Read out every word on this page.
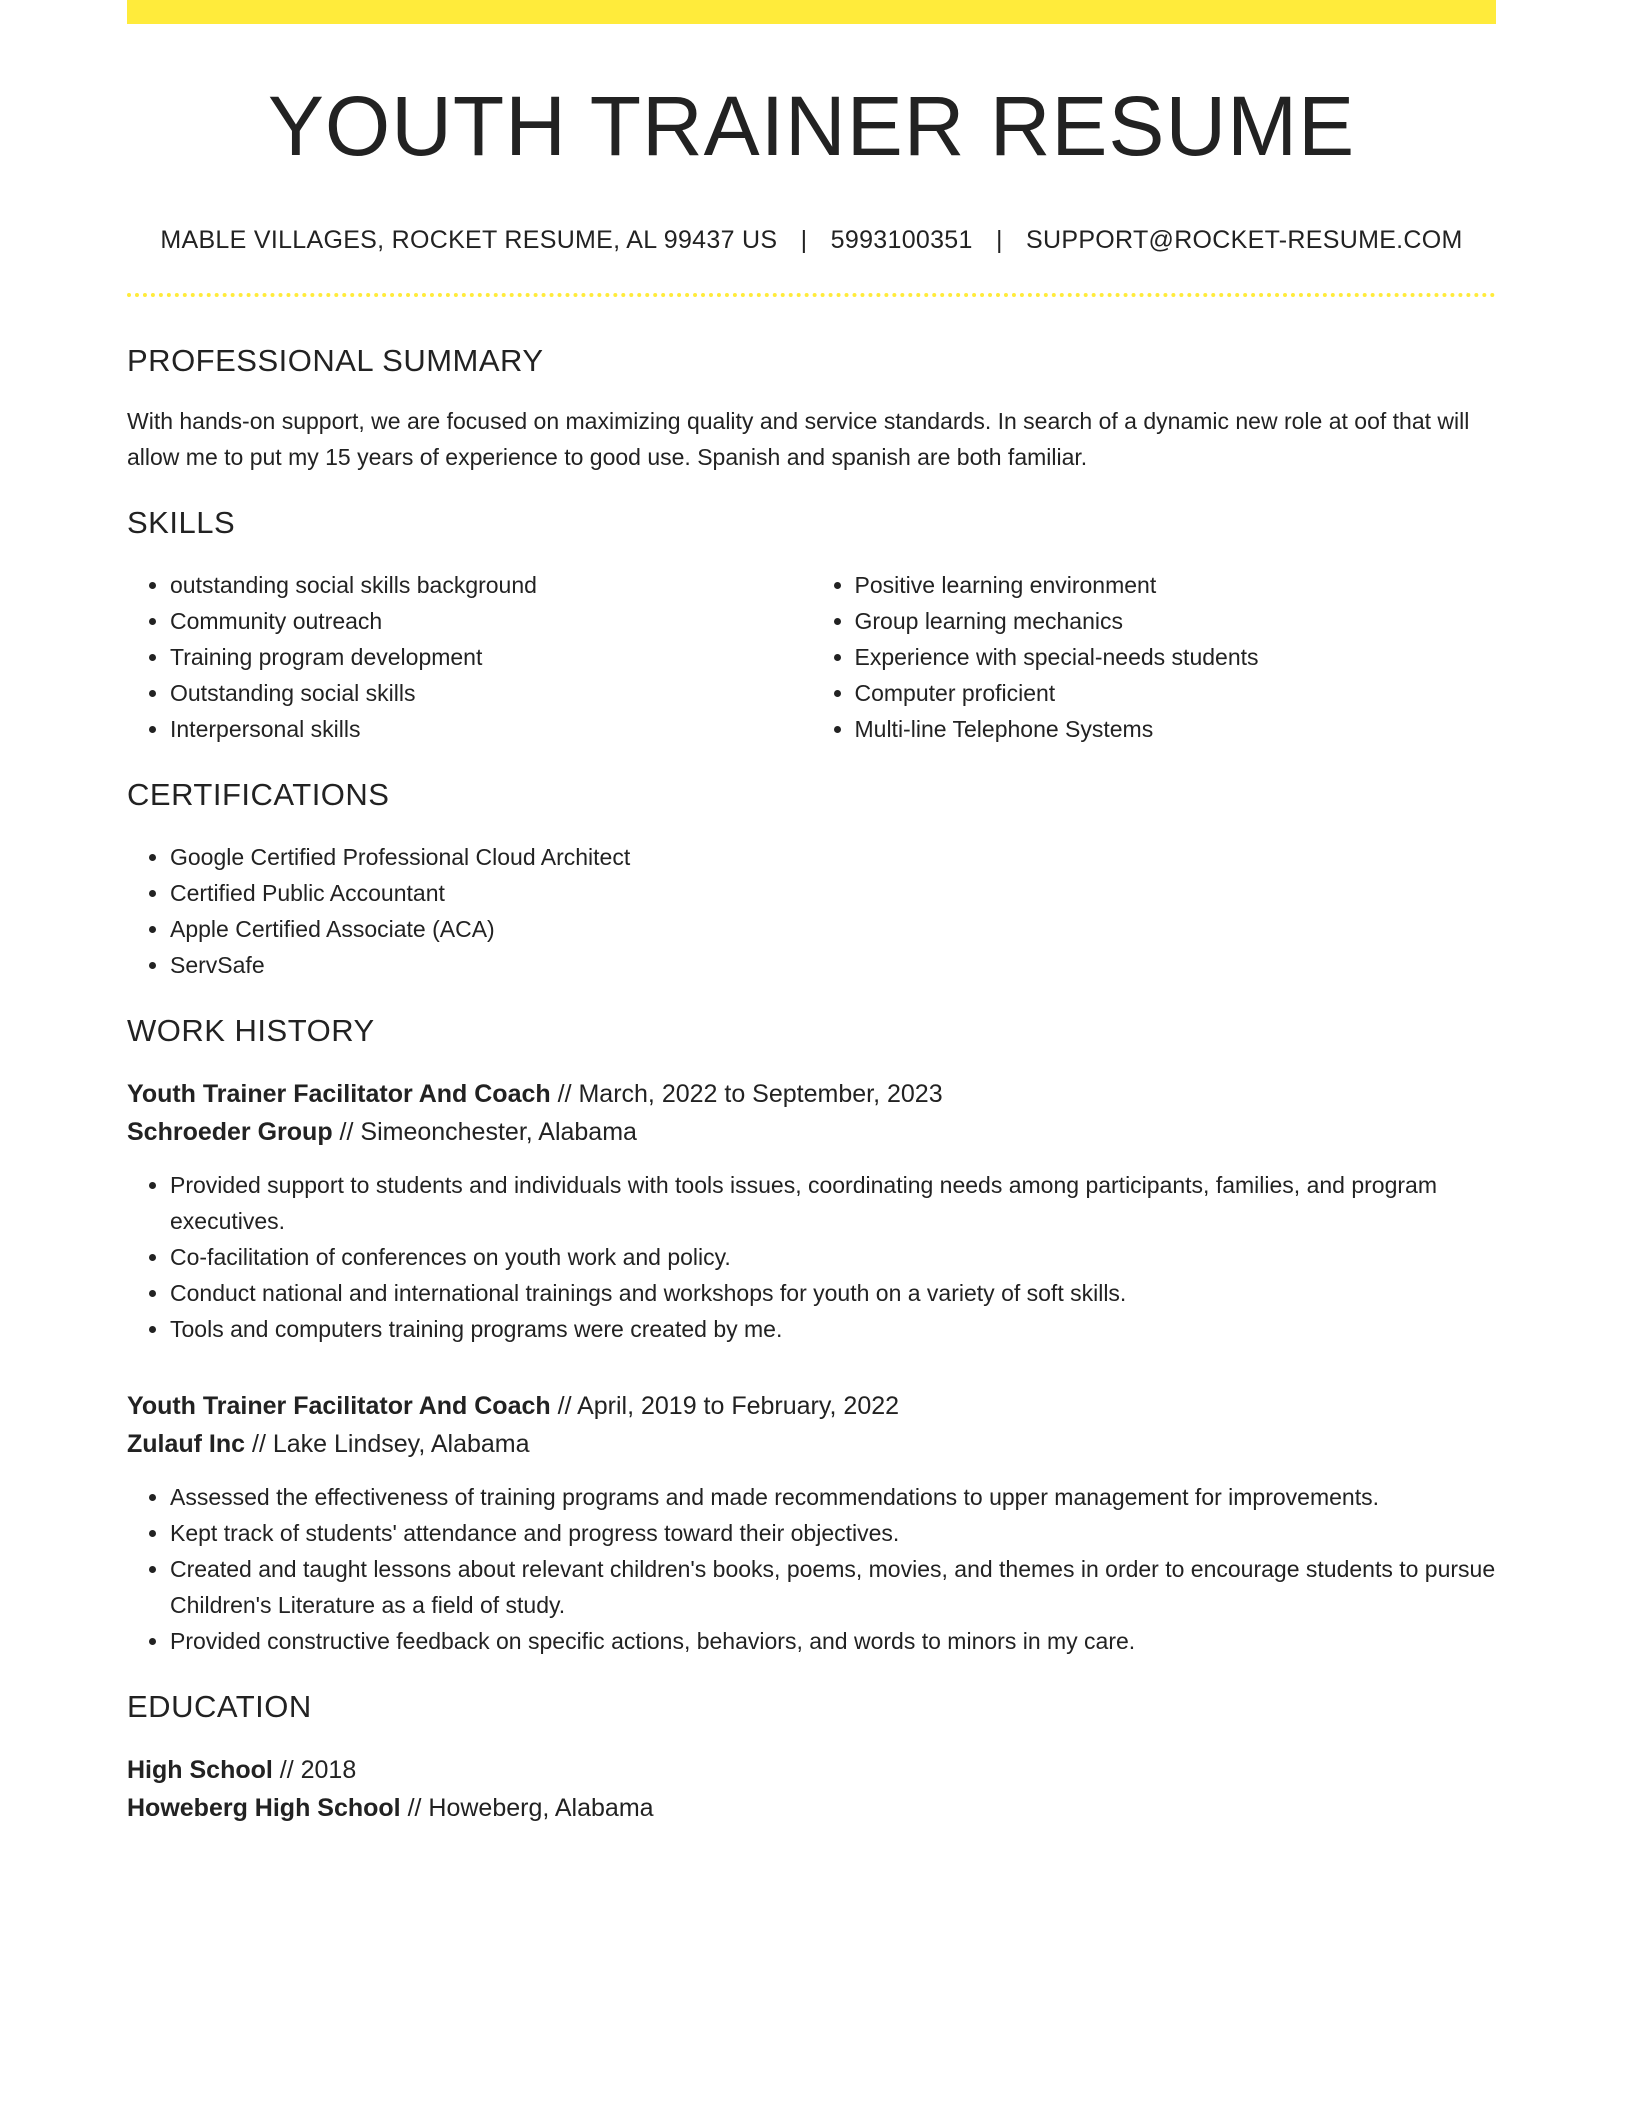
YOUTH TRAINER RESUME
MABLE VILLAGES, ROCKET RESUME, AL 99437 US | 5993100351 | SUPPORT@ROCKET-RESUME.COM
PROFESSIONAL SUMMARY
With hands-on support, we are focused on maximizing quality and service standards. In search of a dynamic new role at oof that will allow me to put my 15 years of experience to good use. Spanish and spanish are both familiar.
SKILLS
• outstanding social skills background
• Community outreach
• Training program development
• Outstanding social skills
• Interpersonal skills
• Positive learning environment
• Group learning mechanics
• Experience with special-needs students
• Computer proficient
• Multi-line Telephone Systems
CERTIFICATIONS
• Google Certified Professional Cloud Architect
• Certified Public Accountant
• Apple Certified Associate (ACA)
• ServSafe
WORK HISTORY
Youth Trainer Facilitator And Coach // March, 2022 to September, 2023
Schroeder Group // Simeonchester, Alabama
• Provided support to students and individuals with tools issues, coordinating needs among participants, families, and program executives.
• Co-facilitation of conferences on youth work and policy.
• Conduct national and international trainings and workshops for youth on a variety of soft skills.
• Tools and computers training programs were created by me.
Youth Trainer Facilitator And Coach // April, 2019 to February, 2022
Zulauf Inc // Lake Lindsey, Alabama
• Assessed the effectiveness of training programs and made recommendations to upper management for improvements.
• Kept track of students' attendance and progress toward their objectives.
• Created and taught lessons about relevant children's books, poems, movies, and themes in order to encourage students to pursue Children's Literature as a field of study.
• Provided constructive feedback on specific actions, behaviors, and words to minors in my care.
EDUCATION
High School // 2018
Howeberg High School // Howeberg, Alabama
